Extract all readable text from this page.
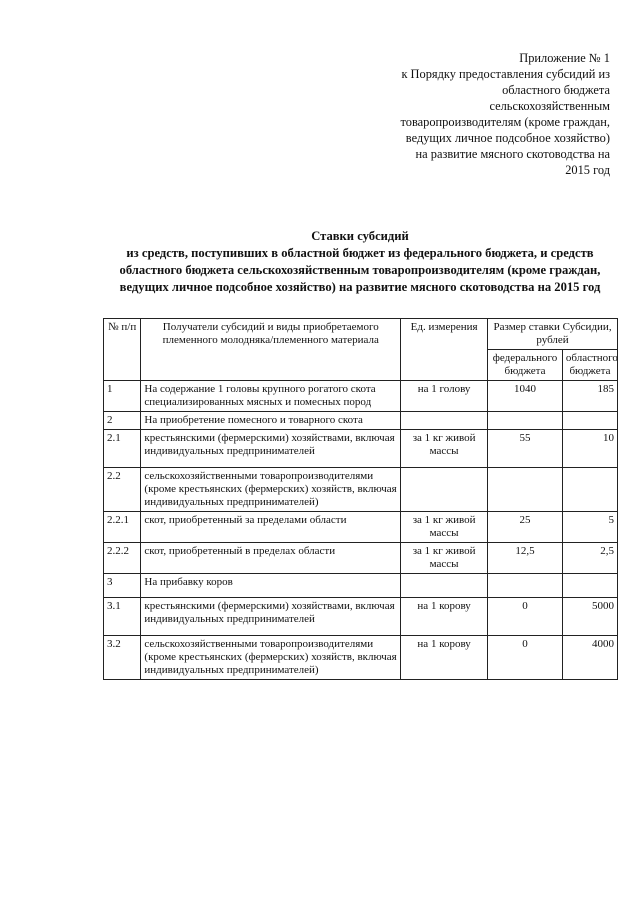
Приложение № 1
к Порядку предоставления субсидий из
областного бюджета
сельскохозяйственным
товаропроизводителям (кроме граждан,
ведущих личное подсобное хозяйство)
на развитие мясного скотоводства на
2015 год
Ставки субсидий
из средств, поступивших в областной бюджет из федерального бюджета, и средств
областного бюджета сельскохозяйственным товаропроизводителям (кроме граждан,
ведущих личное подсобное хозяйство) на развитие мясного скотоводства на 2015 год
№ п/п	Получатели субсидий и виды приобретаемого племенного молодняка/племенного материала	Ед. измерения	Размер ставки Субсидии, рублей	
			федерального бюджета	областного бюджета
1	На содержание 1 головы крупного рогатого скота специализированных мясных и помесных пород	на 1 голову	1040	185
2	На приобретение помесного и товарного скота			
2.1	крестьянскими (фермерскими) хозяйствами, включая индивидуальных предпринимателей	за 1 кг живой массы	55	10
2.2	сельскохозяйственными товаропроизводителями (кроме крестьянских (фермерских) хозяйств, включая индивидуальных предпринимателей)			
2.2.1	скот, приобретенный за пределами области	за 1 кг живой массы	25	5
2.2.2	скот, приобретенный в пределах области	за 1 кг живой массы	12,5	2,5
3	На прибавку коров			
3.1	крестьянскими (фермерскими) хозяйствами, включая индивидуальных предпринимателей	на 1 корову	0	5000
3.2	сельскохозяйственными товаропроизводителями (кроме крестьянских (фермерских) хозяйств, включая индивидуальных предпринимателей)	на 1 корову	0	4000
